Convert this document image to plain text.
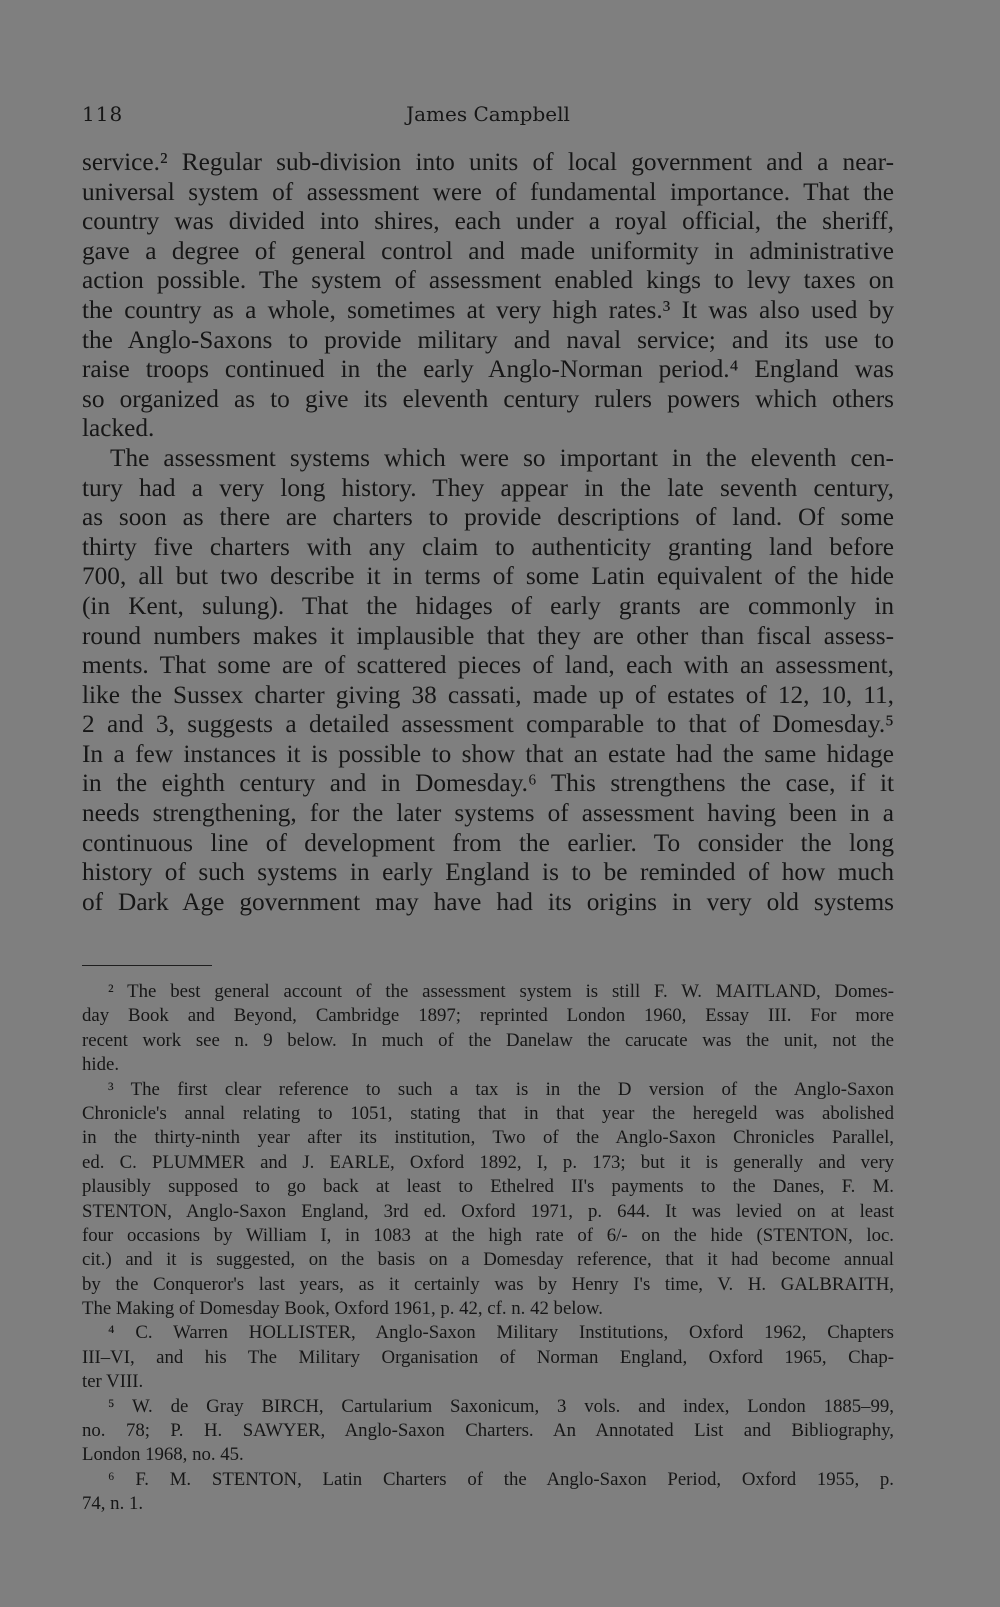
118	James Campbell
service.² Regular sub-division into units of local government and a near-
universal system of assessment were of fundamental importance. That the
country was divided into shires, each under a royal official, the sheriff,
gave a degree of general control and made uniformity in administrative
action possible. The system of assessment enabled kings to levy taxes on
the country as a whole, sometimes at very high rates.³ It was also used by
the Anglo-Saxons to provide military and naval service; and its use to
raise troops continued in the early Anglo-Norman period.⁴ England was
so organized as to give its eleventh century rulers powers which others
lacked.
The assessment systems which were so important in the eleventh cen-
tury had a very long history. They appear in the late seventh century,
as soon as there are charters to provide descriptions of land. Of some
thirty five charters with any claim to authenticity granting land before
700, all but two describe it in terms of some Latin equivalent of the hide
(in Kent, sulung). That the hidages of early grants are commonly in
round numbers makes it implausible that they are other than fiscal assess-
ments. That some are of scattered pieces of land, each with an assessment,
like the Sussex charter giving 38 cassati, made up of estates of 12, 10, 11,
2 and 3, suggests a detailed assessment comparable to that of Domesday.⁵
In a few instances it is possible to show that an estate had the same hidage
in the eighth century and in Domesday.⁶ This strengthens the case, if it
needs strengthening, for the later systems of assessment having been in a
continuous line of development from the earlier. To consider the long
history of such systems in early England is to be reminded of how much
of Dark Age government may have had its origins in very old systems
² The best general account of the assessment system is still F. W. MAITLAND, Domes-
day Book and Beyond, Cambridge 1897; reprinted London 1960, Essay III. For more
recent work see n. 9 below. In much of the Danelaw the carucate was the unit, not the
hide.
³ The first clear reference to such a tax is in the D version of the Anglo-Saxon
Chronicle's annal relating to 1051, stating that in that year the heregeld was abolished
in the thirty-ninth year after its institution, Two of the Anglo-Saxon Chronicles Parallel,
ed. C. PLUMMER and J. EARLE, Oxford 1892, I, p. 173; but it is generally and very
plausibly supposed to go back at least to Ethelred II's payments to the Danes, F. M.
STENTON, Anglo-Saxon England, 3rd ed. Oxford 1971, p. 644. It was levied on at least
four occasions by William I, in 1083 at the high rate of 6/- on the hide (STENTON, loc.
cit.) and it is suggested, on the basis on a Domesday reference, that it had become annual
by the Conqueror's last years, as it certainly was by Henry I's time, V. H. GALBRAITH,
The Making of Domesday Book, Oxford 1961, p. 42, cf. n. 42 below.
⁴ C. Warren HOLLISTER, Anglo-Saxon Military Institutions, Oxford 1962, Chapters
III–VI, and his The Military Organisation of Norman England, Oxford 1965, Chap-
ter VIII.
⁵ W. de Gray BIRCH, Cartularium Saxonicum, 3 vols. and index, London 1885–99,
no. 78; P. H. SAWYER, Anglo-Saxon Charters. An Annotated List and Bibliography,
London 1968, no. 45.
⁶ F. M. STENTON, Latin Charters of the Anglo-Saxon Period, Oxford 1955, p.
74, n. 1.
